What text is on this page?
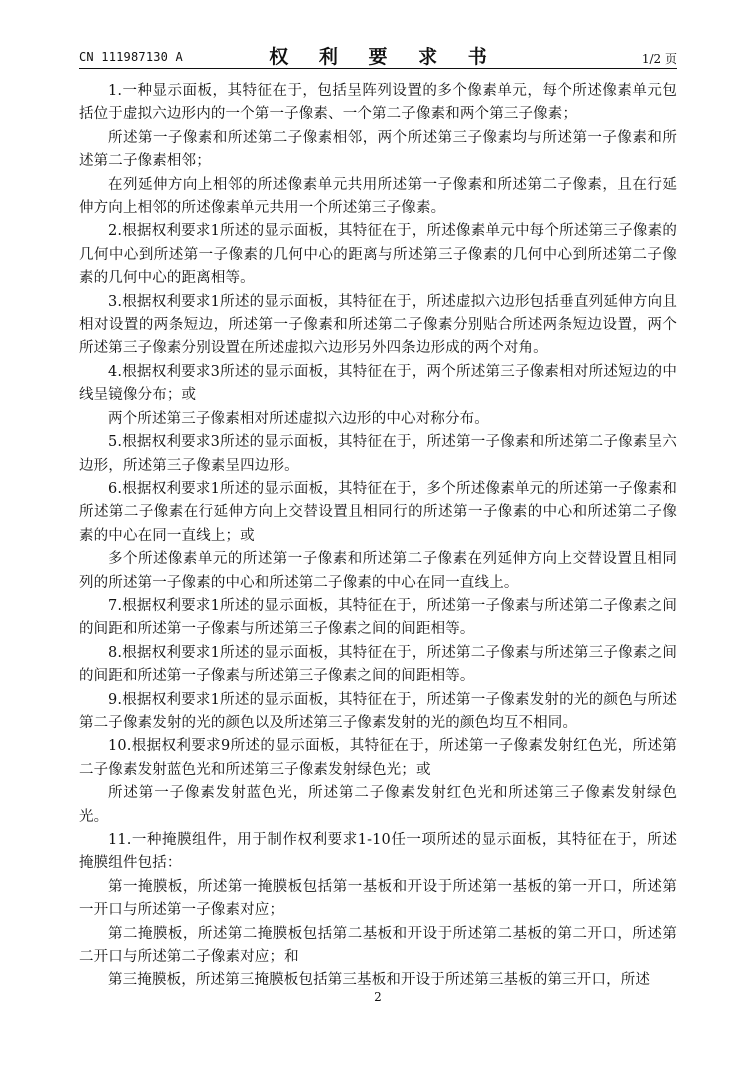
CN 111987130 A	权 利 要 求 书	1/2 页

1.一种显示面板，其特征在于，包括呈阵列设置的多个像素单元，每个所述像素单元包括位于虚拟六边形内的一个第一子像素、一个第二子像素和两个第三子像素；

所述第一子像素和所述第二子像素相邻，两个所述第三子像素均与所述第一子像素和所述第二子像素相邻；

在列延伸方向上相邻的所述像素单元共用所述第一子像素和所述第二子像素，且在行延伸方向上相邻的所述像素单元共用一个所述第三子像素。

2.根据权利要求1所述的显示面板，其特征在于，所述像素单元中每个所述第三子像素的几何中心到所述第一子像素的几何中心的距离与所述第三子像素的几何中心到所述第二子像素的几何中心的距离相等。

3.根据权利要求1所述的显示面板，其特征在于，所述虚拟六边形包括垂直列延伸方向且相对设置的两条短边，所述第一子像素和所述第二子像素分别贴合所述两条短边设置，两个所述第三子像素分别设置在所述虚拟六边形另外四条边形成的两个对角。

4.根据权利要求3所述的显示面板，其特征在于，两个所述第三子像素相对所述短边的中线呈镜像分布；或

两个所述第三子像素相对所述虚拟六边形的中心对称分布。

5.根据权利要求3所述的显示面板，其特征在于，所述第一子像素和所述第二子像素呈六边形，所述第三子像素呈四边形。

6.根据权利要求1所述的显示面板，其特征在于，多个所述像素单元的所述第一子像素和所述第二子像素在行延伸方向上交替设置且相同行的所述第一子像素的中心和所述第二子像素的中心在同一直线上；或

多个所述像素单元的所述第一子像素和所述第二子像素在列延伸方向上交替设置且相同列的所述第一子像素的中心和所述第二子像素的中心在同一直线上。

7.根据权利要求1所述的显示面板，其特征在于，所述第一子像素与所述第二子像素之间的间距和所述第一子像素与所述第三子像素之间的间距相等。

8.根据权利要求1所述的显示面板，其特征在于，所述第二子像素与所述第三子像素之间的间距和所述第一子像素与所述第三子像素之间的间距相等。

9.根据权利要求1所述的显示面板，其特征在于，所述第一子像素发射的光的颜色与所述第二子像素发射的光的颜色以及所述第三子像素发射的光的颜色均互不相同。

10.根据权利要求9所述的显示面板，其特征在于，所述第一子像素发射红色光，所述第二子像素发射蓝色光和所述第三子像素发射绿色光；或

所述第一子像素发射蓝色光，所述第二子像素发射红色光和所述第三子像素发射绿色光。

11.一种掩膜组件，用于制作权利要求1-10任一项所述的显示面板，其特征在于，所述掩膜组件包括：

第一掩膜板，所述第一掩膜板包括第一基板和开设于所述第一基板的第一开口，所述第一开口与所述第一子像素对应；

第二掩膜板，所述第二掩膜板包括第二基板和开设于所述第二基板的第二开口，所述第二开口与所述第二子像素对应；和

第三掩膜板，所述第三掩膜板包括第三基板和开设于所述第三基板的第三开口，所述

2
